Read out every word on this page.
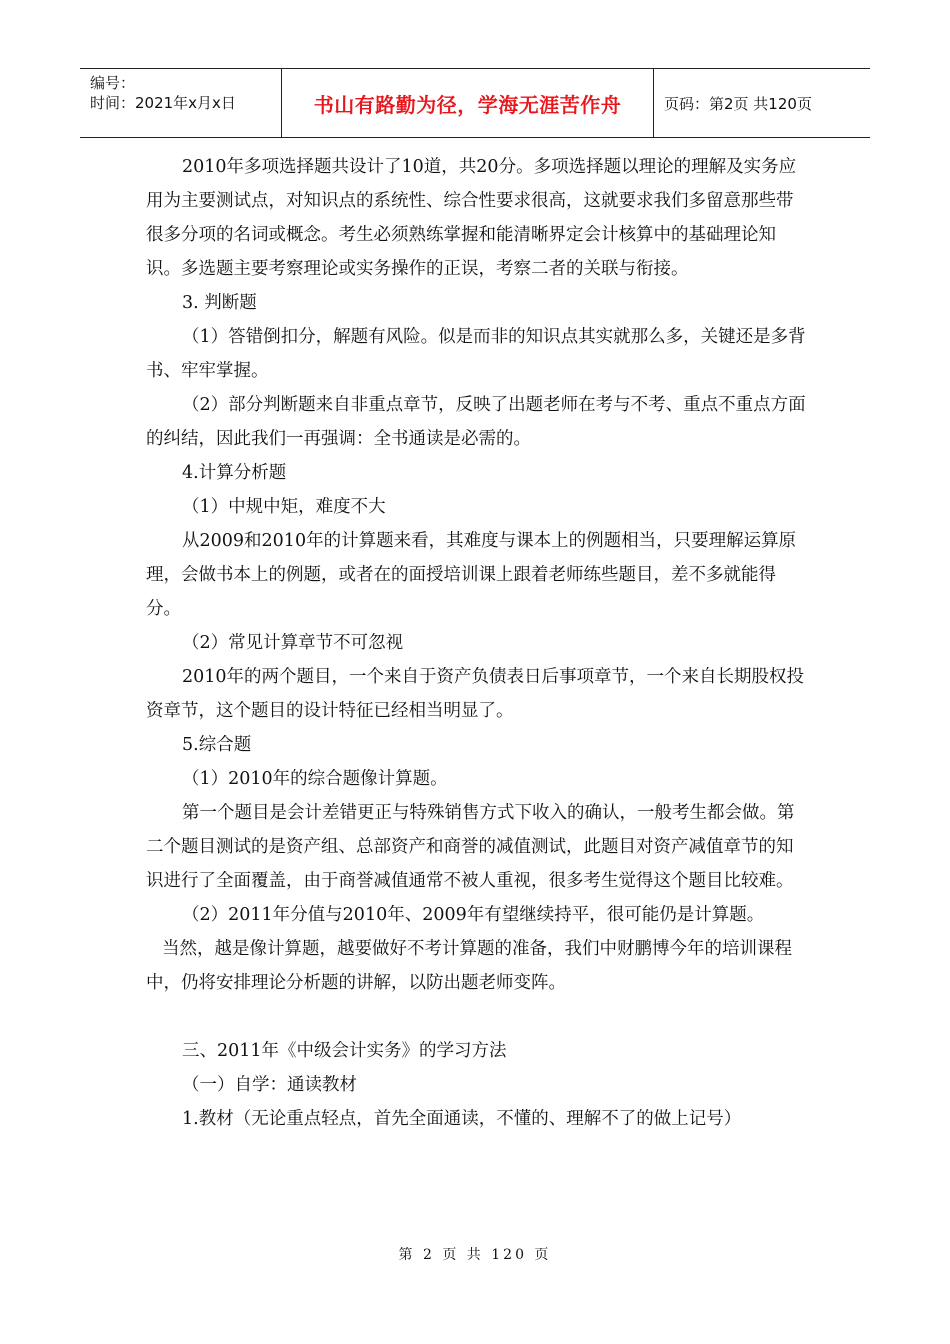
编号：
时间：2021年x月x日	书山有路勤为径，学海无涯苦作舟	页码：第2页 共120页

2010年多项选择题共设计了10道，共20分。多项选择题以理论的理解及实务应用为主要测试点，对知识点的系统性、综合性要求很高，这就要求我们多留意那些带很多分项的名词或概念。考生必须熟练掌握和能清晰界定会计核算中的基础理论知识。多选题主要考察理论或实务操作的正误，考察二者的关联与衔接。

3. 判断题

（1）答错倒扣分，解题有风险。似是而非的知识点其实就那么多，关键还是多背书、牢牢掌握。

（2）部分判断题来自非重点章节，反映了出题老师在考与不考、重点不重点方面的纠结，因此我们一再强调：全书通读是必需的。

4.计算分析题

（1）中规中矩，难度不大

从2009和2010年的计算题来看，其难度与课本上的例题相当，只要理解运算原理，会做书本上的例题，或者在的面授培训课上跟着老师练些题目，差不多就能得分。

（2）常见计算章节不可忽视

2010年的两个题目，一个来自于资产负债表日后事项章节，一个来自长期股权投资章节，这个题目的设计特征已经相当明显了。

5.综合题

（1）2010年的综合题像计算题。

第一个题目是会计差错更正与特殊销售方式下收入的确认，一般考生都会做。第二个题目测试的是资产组、总部资产和商誉的减值测试，此题目对资产减值章节的知识进行了全面覆盖，由于商誉减值通常不被人重视，很多考生觉得这个题目比较难。

（2）2011年分值与2010年、2009年有望继续持平，很可能仍是计算题。

当然，越是像计算题，越要做好不考计算题的准备，我们中财鹏博今年的培训课程中，仍将安排理论分析题的讲解，以防出题老师变阵。

三、2011年《中级会计实务》的学习方法

（一）自学：通读教材

1.教材（无论重点轻点，首先全面通读，不懂的、理解不了的做上记号）

第 2 页 共 120 页
